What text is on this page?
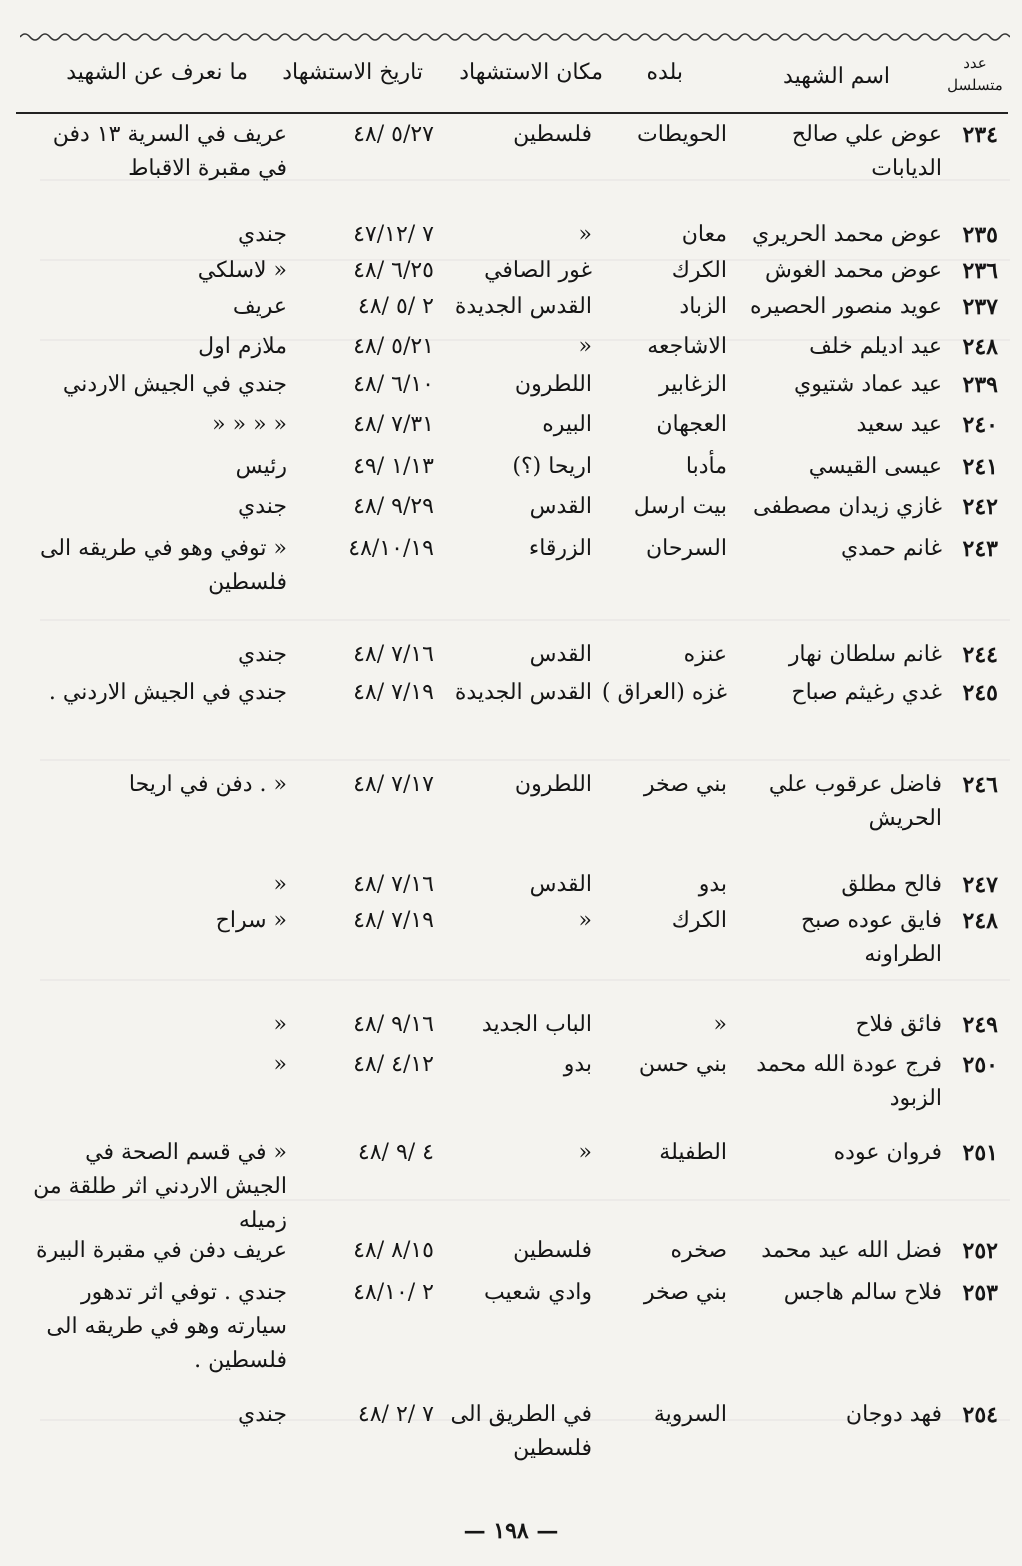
عدد
متسلسل
اسم الشهيد
بلده
مكان الاستشهاد
تاريخ الاستشهاد
ما نعرف عن الشهيد
٢٣٤
عوض علي صالح الديابات
الحويطات
فلسطين
٥/٢٧ /٤٨
عريف في السرية ١٣ دفن في مقبرة الاقباط
٢٣٥
عوض محمد الحريري
معان
«
٧ /٤٧/١٢
جندي
٢٣٦
عوض محمد الغوش
الكرك
غور الصافي
٦/٢٥ /٤٨
« لاسلكي
٢٣٧
عويد منصور الحصيره
الزباد
القدس الجديدة
٢ /٥ /٤٨
عريف
٢٤٨
عيد اديلم خلف
الاشاجعه
«
٥/٢١ /٤٨
ملازم اول
٢٣٩
عيد عماد شتيوي
الزغابير
اللطرون
٦/١٠ /٤٨
جندي في الجيش الاردني
٢٤٠
عيد سعيد
العجهان
البيره
٧/٣١ /٤٨
« « « «
٢٤١
عيسى القيسي
مأدبا
اريحا (؟)
١/١٣ /٤٩
رئيس
٢٤٢
غازي زيدان مصطفى
بيت ارسل
القدس
٩/٢٩ /٤٨
جندي
٢٤٣
غانم حمدي
السرحان
الزرقاء
٤٨/١٠/١٩
« توفي وهو في طريقه الى فلسطين
٢٤٤
غانم سلطان نهار
عنزه
القدس
٧/١٦ /٤٨
جندي
٢٤٥
غدي رغيثم صباح
غزه (العراق )
القدس الجديدة
٧/١٩ /٤٨
جندي في الجيش الاردني .
٢٤٦
فاضل عرقوب علي الحريش
بني صخر
اللطرون
٧/١٧ /٤٨
« . دفن في اريحا
٢٤٧
فالح مطلق
بدو
القدس
٧/١٦ /٤٨
«
٢٤٨
فايق عوده صبح الطراونه
الكرك
«
٧/١٩ /٤٨
« سراح
٢٤٩
فائق فلاح
«
الباب الجديد
٩/١٦ /٤٨
«
٢٥٠
فرج عودة الله محمد الزبود
بني حسن
بدو
٤/١٢ /٤٨
«
٢٥١
فروان عوده
الطفيلة
«
٤ /٩ /٤٨
« في قسم الصحة في الجيش الاردني اثر طلقة من زميله
٢٥٢
فضل الله عيد محمد
صخره
فلسطين
٨/١٥ /٤٨
عريف دفن في مقبرة البيرة
٢٥٣
فلاح سالم هاجس
بني صخر
وادي شعيب
٢ /٤٨/١٠
جندي . توفي اثر تدهور سيارته وهو في طريقه الى فلسطين .
٢٥٤
فهد دوجان
السروية
في الطريق الى فلسطين
٧ /٢ /٤٨
جندي
— ١٩٨ —
